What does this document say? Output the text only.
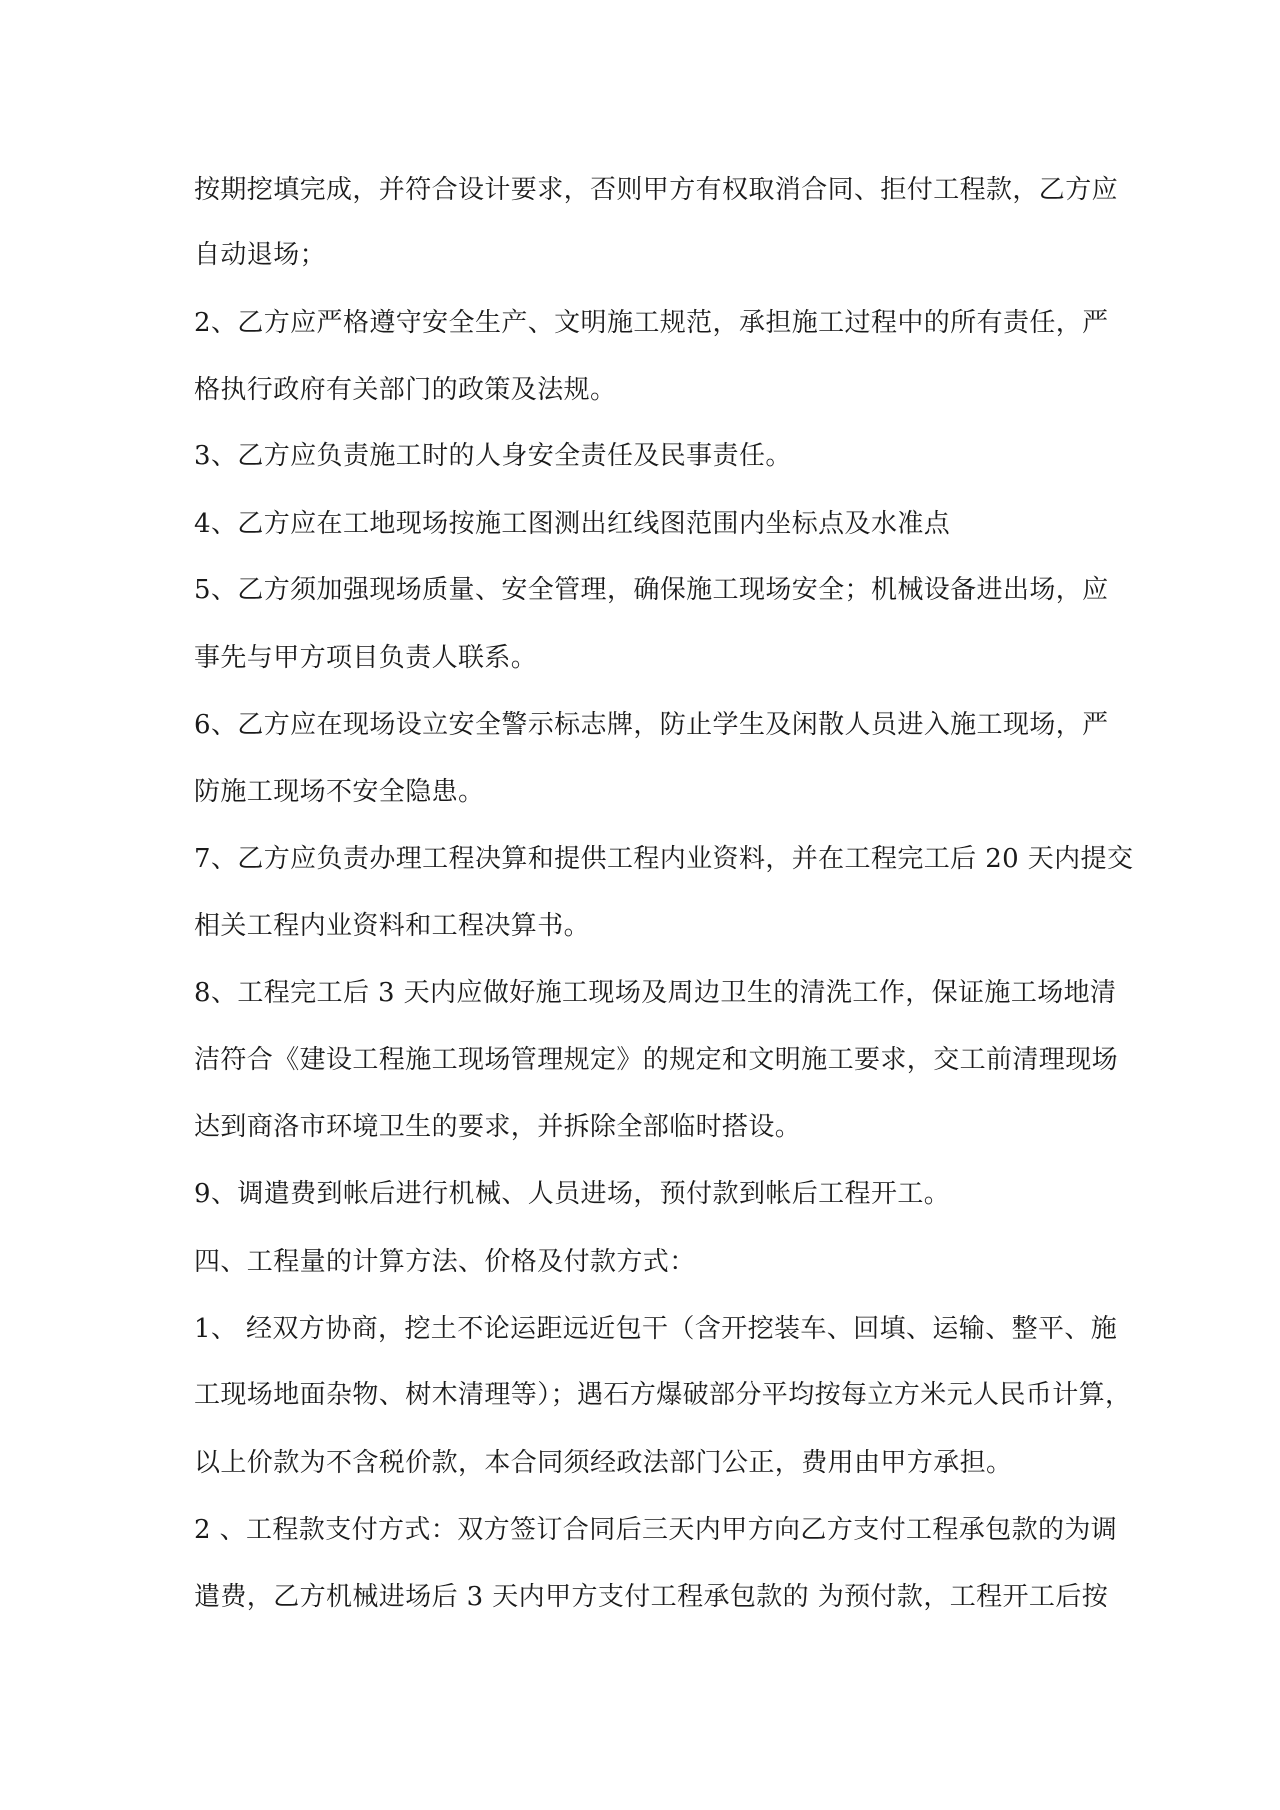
按期挖填完成，并符合设计要求，否则甲方有权取消合同、拒付工程款，乙方应
自动退场；
2、乙方应严格遵守安全生产、文明施工规范，承担施工过程中的所有责任，严
格执行政府有关部门的政策及法规。
3、乙方应负责施工时的人身安全责任及民事责任。
4、乙方应在工地现场按施工图测出红线图范围内坐标点及水准点
5、乙方须加强现场质量、安全管理，确保施工现场安全；机械设备进出场，应
事先与甲方项目负责人联系。
6、乙方应在现场设立安全警示标志牌，防止学生及闲散人员进入施工现场，严
防施工现场不安全隐患。
7、乙方应负责办理工程决算和提供工程内业资料，并在工程完工后 20 天内提交
相关工程内业资料和工程决算书。
8、工程完工后 3 天内应做好施工现场及周边卫生的清洗工作，保证施工场地清
洁符合《建设工程施工现场管理规定》的规定和文明施工要求，交工前清理现场
达到商洛市环境卫生的要求，并拆除全部临时搭设。
9、调遣费到帐后进行机械、人员进场，预付款到帐后工程开工。
四、工程量的计算方法、价格及付款方式：
1、 经双方协商，挖土不论运距远近包干（含开挖装车、回填、运输、整平、施
工现场地面杂物、树木清理等）；遇石方爆破部分平均按每立方米元人民币计算，
以上价款为不含税价款，本合同须经政法部门公正，费用由甲方承担。
2 、工程款支付方式：双方签订合同后三天内甲方向乙方支付工程承包款的为调
遣费，乙方机械进场后 3 天内甲方支付工程承包款的 为预付款，工程开工后按
